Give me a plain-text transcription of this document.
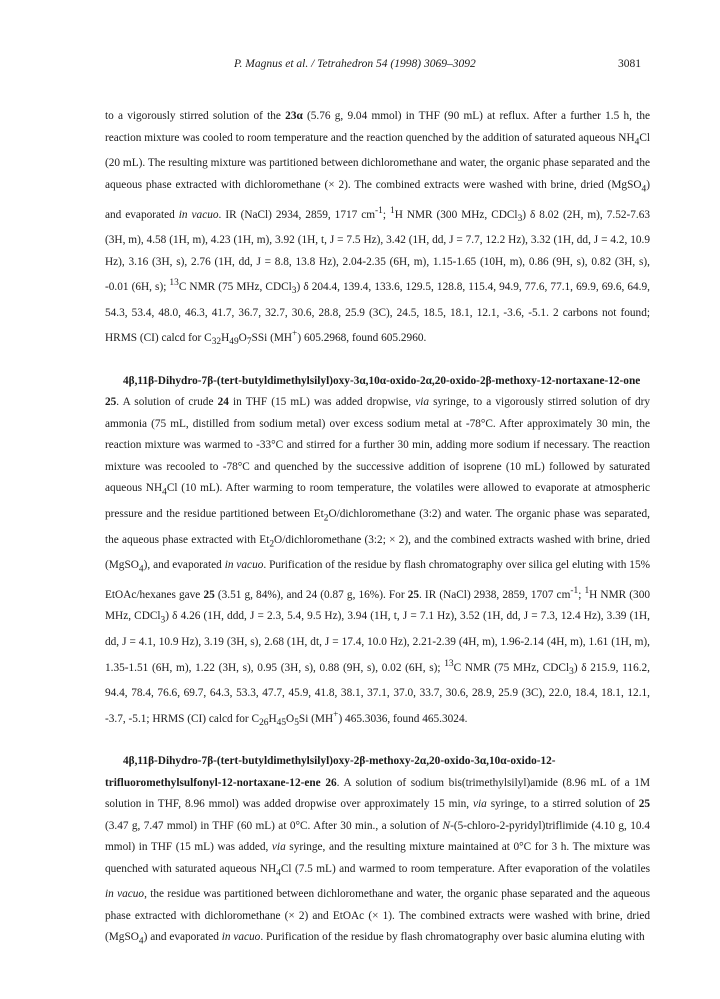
P. Magnus et al. / Tetrahedron 54 (1998) 3069–3092	3081

to a vigorously stirred solution of the 23α (5.76 g, 9.04 mmol) in THF (90 mL) at reflux. After a further 1.5 h, the reaction mixture was cooled to room temperature and the reaction quenched by the addition of saturated aqueous $NH_4Cl$ (20 mL). The resulting mixture was partitioned between dichloromethane and water, the organic phase separated and the aqueous phase extracted with dichloromethane (× 2). The combined extracts were washed with brine, dried (MgSO$_4$) and evaporated in vacuo. IR (NaCl) 2934, 2859, 1717 $cm^{-1}$; $^1$H NMR (300 MHz, CDCl$_3$) δ 8.02 (2H, m), 7.52-7.63 (3H, m), 4.58 (1H, m), 4.23 (1H, m), 3.92 (1H, t, J = 7.5 Hz), 3.42 (1H, dd, J = 7.7, 12.2 Hz), 3.32 (1H, dd, J = 4.2, 10.9 Hz), 3.16 (3H, s), 2.76 (1H, dd, J = 8.8, 13.8 Hz), 2.04-2.35 (6H, m), 1.15-1.65 (10H, m), 0.86 (9H, s), 0.82 (3H, s), -0.01 (6H, s); $^{13}$C NMR (75 MHz, CDCl$_3$) δ 204.4, 139.4, 133.6, 129.5, 128.8, 115.4, 94.9, 77.6, 77.1, 69.9, 69.6, 64.9, 54.3, 53.4, 48.0, 46.3, 41.7, 36.7, 32.7, 30.6, 28.8, 25.9 (3C), 24.5, 18.5, 18.1, 12.1, -3.6, -5.1. 2 carbons not found; HRMS (CI) calcd for $C_{32}H_{49}O_7SSi$ (MH+) 605.2968, found 605.2960.

4β,11β-Dihydro-7β-(tert-butyldimethylsilyl)oxy-3α,10α-oxido-2α,20-oxido-2β-methoxy-12-nortaxane-12-one 25. A solution of crude 24 in THF (15 mL) was added dropwise, via syringe, to a vigorously stirred solution of dry ammonia (75 mL, distilled from sodium metal) over excess sodium metal at -78°C. After approximately 30 min, the reaction mixture was warmed to -33°C and stirred for a further 30 min, adding more sodium if necessary. The reaction mixture was recooled to -78°C and quenched by the successive addition of isoprene (10 mL) followed by saturated aqueous $NH_4Cl$ (10 mL). After warming to room temperature, the volatiles were allowed to evaporate at atmospheric pressure and the residue partitioned between $Et_2O$/dichloromethane (3:2) and water. The organic phase was separated, the aqueous phase extracted with $Et_2O$/dichloromethane (3:2; × 2), and the combined extracts washed with brine, dried (MgSO$_4$), and evaporated in vacuo. Purification of the residue by flash chromatography over silica gel eluting with 15% EtOAc/hexanes gave 25 (3.51 g, 84%), and 24 (0.87 g, 16%). For 25. IR (NaCl) 2938, 2859, 1707 $cm^{-1}$; $^1$H NMR (300 MHz, CDCl$_3$) δ 4.26 (1H, ddd, J = 2.3, 5.4, 9.5 Hz), 3.94 (1H, t, J = 7.1 Hz), 3.52 (1H, dd, J = 7.3, 12.4 Hz), 3.39 (1H, dd, J = 4.1, 10.9 Hz), 3.19 (3H, s), 2.68 (1H, dt, J = 17.4, 10.0 Hz), 2.21-2.39 (4H, m), 1.96-2.14 (4H, m), 1.61 (1H, m), 1.35-1.51 (6H, m), 1.22 (3H, s), 0.95 (3H, s), 0.88 (9H, s), 0.02 (6H, s); $^{13}$C NMR (75 MHz, CDCl$_3$) δ 215.9, 116.2, 94.4, 78.4, 76.6, 69.7, 64.3, 53.3, 47.7, 45.9, 41.8, 38.1, 37.1, 37.0, 33.7, 30.6, 28.9, 25.9 (3C), 22.0, 18.4, 18.1, 12.1, -3.7, -5.1; HRMS (CI) calcd for $C_{26}H_{45}O_5Si$ (MH+) 465.3036, found 465.3024.

4β,11β-Dihydro-7β-(tert-butyldimethylsilyl)oxy-2β-methoxy-2α,20-oxido-3α,10α-oxido-12-trifluoromethylsulfonyl-12-nortaxane-12-ene 26. A solution of sodium bis(trimethylsilyl)amide (8.96 mL of a 1M solution in THF, 8.96 mmol) was added dropwise over approximately 15 min, via syringe, to a stirred solution of 25 (3.47 g, 7.47 mmol) in THF (60 mL) at 0°C. After 30 min., a solution of N-(5-chloro-2-pyridyl)triflimide (4.10 g, 10.4 mmol) in THF (15 mL) was added, via syringe, and the resulting mixture maintained at 0°C for 3 h. The mixture was quenched with saturated aqueous $NH_4Cl$ (7.5 mL) and warmed to room temperature. After evaporation of the volatiles in vacuo, the residue was partitioned between dichloromethane and water, the organic phase separated and the aqueous phase extracted with dichloromethane (× 2) and EtOAc (× 1). The combined extracts were washed with brine, dried (MgSO$_4$) and evaporated in vacuo. Purification of the residue by flash chromatography over basic alumina eluting with
